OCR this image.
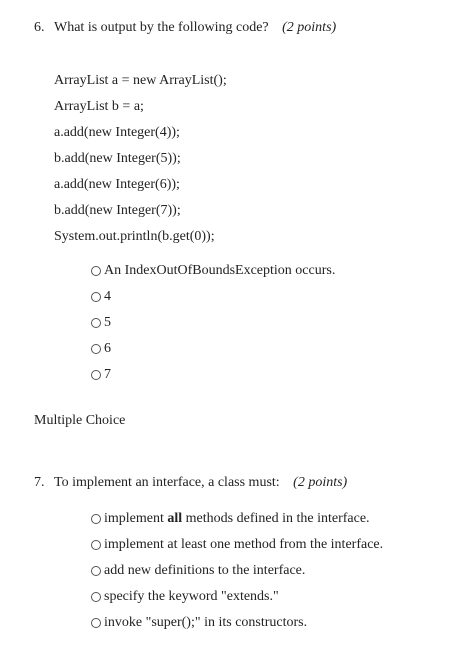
6. What is output by the following code? (2 points)
ArrayList a = new ArrayList();
ArrayList b = a;
a.add(new Integer(4));
b.add(new Integer(5));
a.add(new Integer(6));
b.add(new Integer(7));
System.out.println(b.get(0));
An IndexOutOfBoundsException occurs.
4
5
6
7
Multiple Choice
7. To implement an interface, a class must: (2 points)
implement all methods defined in the interface.
implement at least one method from the interface.
add new definitions to the interface.
specify the keyword "extends."
invoke "super();" in its constructors.
